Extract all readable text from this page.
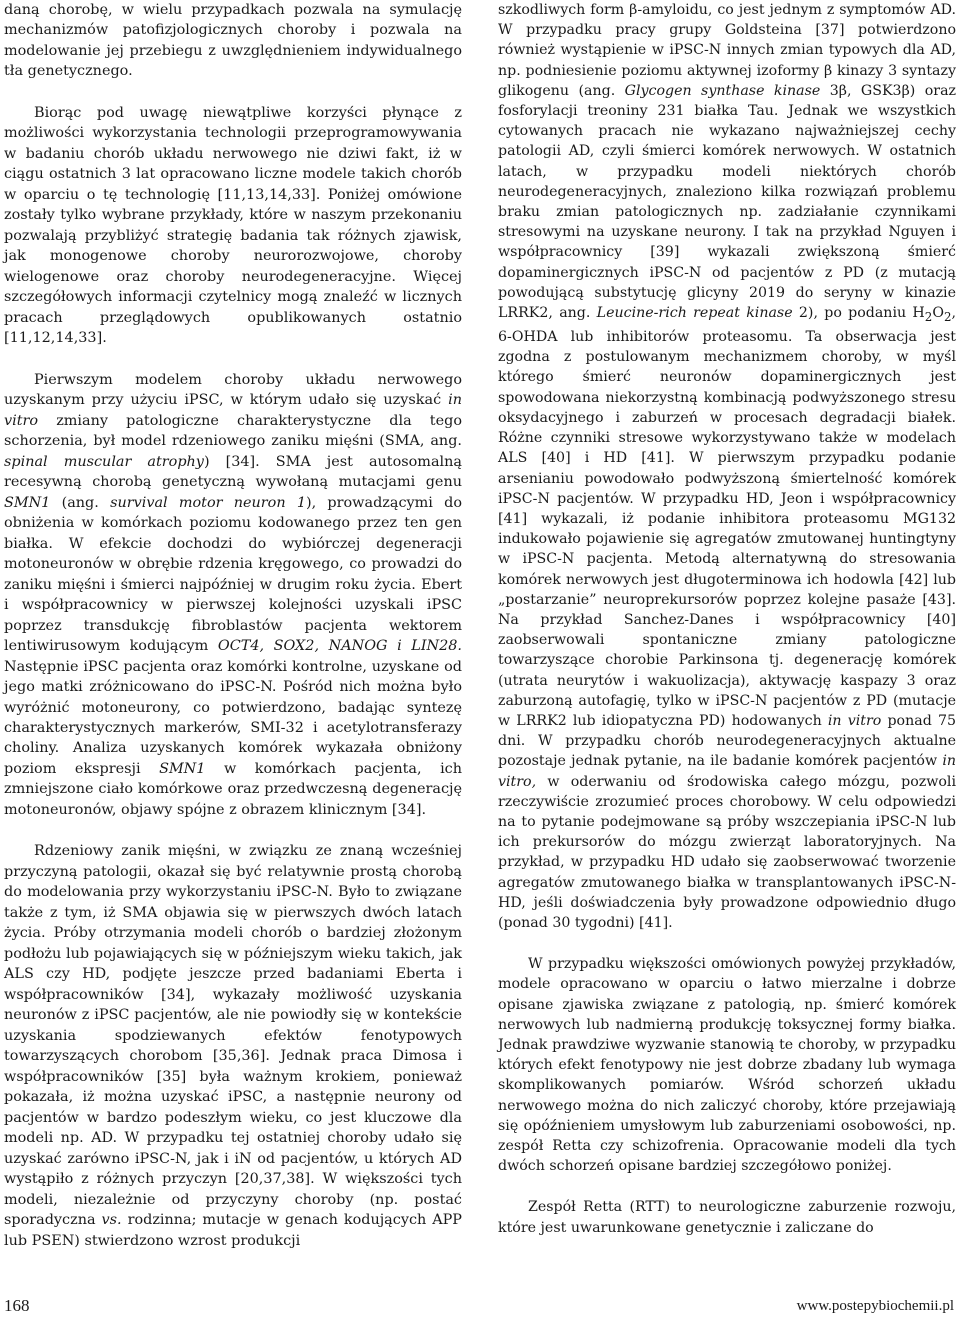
daną chorobę, w wielu przypadkach pozwala na symulację mechanizmów patofizjologicznych choroby i pozwala na modelowanie jej przebiegu z uwzględnieniem indywidualnego tła genetycznego.

Biorąc pod uwagę niewątpliwe korzyści płynące z możliwości wykorzystania technologii przeprogramowywania w badaniu chorób układu nerwowego nie dziwi fakt, iż w ciągu ostatnich 3 lat opracowano liczne modele takich chorób w oparciu o tę technologię [11,13,14,33]. Poniżej omówione zostały tylko wybrane przykłady, które w naszym przekonaniu pozwalają przybliżyć strategię badania tak różnych zjawisk, jak monogenowe choroby neurorozwojowe, choroby wielogenowe oraz choroby neurodegeneracyjne. Więcej szczegółowych informacji czytelnicy mogą znaleźć w licznych pracach przeglądowych opublikowanych ostatnio [11,12,14,33].

Pierwszym modelem choroby układu nerwowego uzyskanym przy użyciu iPSC, w którym udało się uzyskać in vitro zmiany patologiczne charakterystyczne dla tego schorzenia, był model rdzeniowego zaniku mięśni (SMA, ang. spinal muscular atrophy) [34]. SMA jest autosomalną recesywną chorobą genetyczną wywołaną mutacjami genu SMN1 (ang. survival motor neuron 1), prowadzącymi do obniżenia w komórkach poziomu kodowanego przez ten gen białka. W efekcie dochodzi do wybiórczej degeneracji motoneuronów w obrębie rdzenia kręgowego, co prowadzi do zaniku mięśni i śmierci najpóźniej w drugim roku życia. Ebert i współpracownicy w pierwszej kolejności uzyskali iPSC poprzez transdukcję fibroblastów pacjenta wektorem lentiwirusowym kodującym OCT4, SOX2, NANOG i LIN28. Następnie iPSC pacjenta oraz komórki kontrolne, uzyskane od jego matki zróżnicowano do iPSC-N. Pośród nich można było wyróżnić motoneurony, co potwierdzono, badając syntezę charakterystycznych markerów, SMI-32 i acetylotransferazy choliny. Analiza uzyskanych komórek wykazała obniżony poziom ekspresji SMN1 w komórkach pacjenta, ich zmniejszone ciało komórkowe oraz przedwczesną degenerację motoneuronów, objawy spójne z obrazem klinicznym [34].

Rdzeniowy zanik mięśni, w związku ze znaną wcześniej przyczyną patologii, okazał się być relatywnie prostą chorobą do modelowania przy wykorzystaniu iPSC-N. Było to związane także z tym, iż SMA objawia się w pierwszych dwóch latach życia. Próby otrzymania modeli chorób o bardziej złożonym podłożu lub pojawiających się w późniejszym wieku takich, jak ALS czy HD, podjęte jeszcze przed badaniami Eberta i współpracowników [34], wykazały możliwość uzyskania neuronów z iPSC pacjentów, ale nie powiodły się w kontekście uzyskania spodziewanych efektów fenotypowych towarzyszących chorobom [35,36]. Jednak praca Dimosa i współpracowników [35] była ważnym krokiem, ponieważ pokazała, iż można uzyskać iPSC, a następnie neurony od pacjentów w bardzo podeszłym wieku, co jest kluczowe dla modeli np. AD. W przypadku tej ostatniej choroby udało się uzyskać zarówno iPSC-N, jak i iN od pacjentów, u których AD wystąpiło z różnych przyczyn [20,37,38]. W większości tych modeli, niezależnie od przyczyny choroby (np. postać sporadyczna vs. rodzinna; mutacje w genach kodujących APP lub PSEN) stwierdzono wzrost produkcji

szkodliwych form β-amyloidu, co jest jednym z symptomów AD. W przypadku pracy grupy Goldsteina [37] potwierdzono również wystąpienie w iPSC-N innych zmian typowych dla AD, np. podniesienie poziomu aktywnej izoformy β kinazy 3 syntazy glikogenu (ang. Glycogen synthase kinase 3β, GSK3β) oraz fosforylacji treoniny 231 białka Tau. Jednak we wszystkich cytowanych pracach nie wykazano najważniejszej cechy patologii AD, czyli śmierci komórek nerwowych. W ostatnich latach, w przypadku modeli niektórych chorób neurodegeneracyjnych, znaleziono kilka rozwiązań problemu braku zmian patologicznych np. zadziałanie czynnikami stresowymi na uzyskane neurony. I tak na przykład Nguyen i współpracownicy [39] wykazali zwiększoną śmierć dopaminergicznych iPSC-N od pacjentów z PD (z mutacją powodującą substytucję glicyny 2019 do seryny w kinazie LRRK2, ang. Leucine-rich repeat kinase 2), po podaniu $H_2O_2$, 6-OHDA lub inhibitorów proteasomu. Ta obserwacja jest zgodna z postulowanym mechanizmem choroby, w myśl którego śmierć neuronów dopaminergicznych jest spowodowana niekorzystną kombinacją podwyższonego stresu oksydacyjnego i zaburzeń w procesach degradacji białek. Różne czynniki stresowe wykorzystywano także w modelach ALS [40] i HD [41]. W pierwszym przypadku podanie arsenianiu powodowało podwyższoną śmiertelność komórek iPSC-N pacjentów. W przypadku HD, Jeon i współpracownicy [41] wykazali, iż podanie inhibitora proteasomu MG132 indukowało pojawienie się agregatów zmutowanej huntingtyny w iPSC-N pacjenta. Metodą alternatywną do stresowania komórek nerwowych jest długoterminowa ich hodowla [42] lub „postarzanie” neuroprekursorów poprzez kolejne pasaże [43]. Na przykład Sanchez-Danes i współpracownicy [40] zaobserwowali spontaniczne zmiany patologiczne towarzyszące chorobie Parkinsona tj. degenerację komórek (utrata neurytów i wakuolizacja), aktywację kaspazy 3 oraz zaburzoną autofagię, tylko w iPSC-N pacjentów z PD (mutacje w LRRK2 lub idiopatyczna PD) hodowanych in vitro ponad 75 dni. W przypadku chorób neurodegeneracyjnych aktualne pozostaje jednak pytanie, na ile badanie komórek pacjentów in vitro, w oderwaniu od środowiska całego mózgu, pozwoli rzeczywiście zrozumieć proces chorobowy. W celu odpowiedzi na to pytanie podejmowane są próby wszczepiania iPSC-N lub ich prekursorów do mózgu zwierząt laboratoryjnych. Na przykład, w przypadku HD udało się zaobserwować tworzenie agregatów zmutowanego białka w transplantowanych iPSC-N-HD, jeśli doświadczenia były prowadzone odpowiednio długo (ponad 30 tygodni) [41].

W przypadku większości omówionych powyżej przykładów, modele opracowano w oparciu o łatwo mierzalne i dobrze opisane zjawiska związane z patologią, np. śmierć komórek nerwowych lub nadmierną produkcję toksycznej formy białka. Jednak prawdziwe wyzwanie stanowią te choroby, w przypadku których efekt fenotypowy nie jest dobrze zbadany lub wymaga skomplikowanych pomiarów. Wśród schorzeń układu nerwowego można do nich zaliczyć choroby, które przejawiają się opóźnieniem umysłowym lub zaburzeniami osobowości, np. zespół Retta czy schizofrenia. Opracowanie modeli dla tych dwóch schorzeń opisane bardziej szczegółowo poniżej.

Zespół Retta (RTT) to neurologiczne zaburzenie rozwoju, które jest uwarunkowane genetycznie i zaliczane do

168	www.postepybiochemii.pl
